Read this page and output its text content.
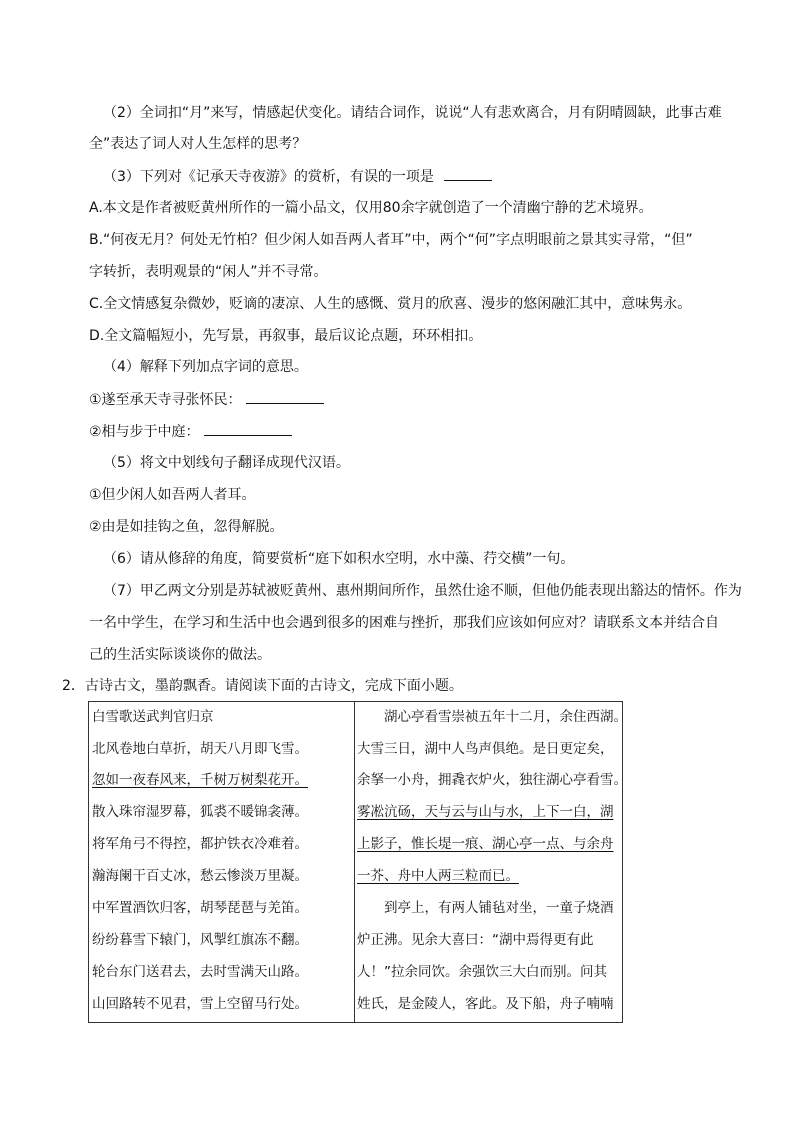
（2）全词扣“月”来写，情感起伏变化。请结合词作，说说“人有悲欢离合，月有阴晴圆缺，此事古难
全”表达了词人对人生怎样的思考？
（3）下列对《记承天寺夜游》的赏析，有误的一项是
A.本文是作者被贬黄州所作的一篇小品文，仅用80余字就创造了一个清幽宁静的艺术境界。
B.“何夜无月？何处无竹柏？但少闲人如吾两人者耳”中，两个“何”字点明眼前之景其实寻常，“但”
字转折，表明观景的“闲人”并不寻常。
C.全文情感复杂微妙，贬谪的凄凉、人生的感慨、赏月的欣喜、漫步的悠闲融汇其中，意味隽永。
D.全文篇幅短小，先写景，再叙事，最后议论点题，环环相扣。
（4）解释下列加点字词的意思。
①遂至承天寺寻张怀民：
②相与步于中庭：
（5）将文中划线句子翻译成现代汉语。
①但少闲人如吾两人者耳。
②由是如挂钩之鱼，忽得解脱。
（6）请从修辞的角度，简要赏析“庭下如积水空明，水中藻、荇交横”一句。
（7）甲乙两文分别是苏轼被贬黄州、惠州期间所作，虽然仕途不顺，但他仍能表现出豁达的情怀。作为
一名中学生，在学习和生活中也会遇到很多的困难与挫折，那我们应该如何应对？请联系文本并结合自
己的生活实际谈谈你的做法。
2．古诗古文，墨韵飘香。请阅读下面的古诗文，完成下面小题。
白雪歌送武判官归京
北风卷地白草折，胡天八月即飞雪。
忽如一夜春风来，千树万树梨花开。
散入珠帘湿罗幕，狐裘不暖锦衾薄。
将军角弓不得控，都护铁衣冷难着。
瀚海阑干百丈冰，愁云惨淡万里凝。
中军置酒饮归客，胡琴琵琶与羌笛。
纷纷暮雪下辕门，风掣红旗冻不翻。
轮台东门送君去，去时雪满天山路。
山回路转不见君，雪上空留马行处。

湖心亭看雪崇祯五年十二月，余住西湖。
大雪三日，湖中人鸟声俱绝。是日更定矣，
余拏一小舟，拥毳衣炉火，独往湖心亭看雪。
雾凇沆砀，天与云与山与水，上下一白，湖
上影子，惟长堤一痕、湖心亭一点、与余舟
一芥、舟中人两三粒而已。
到亭上，有两人铺毡对坐，一童子烧酒
炉正沸。见余大喜曰：“湖中焉得更有此
人！”拉余同饮。余强饮三大白而别。问其
姓氏，是金陵人，客此。及下船，舟子喃喃
